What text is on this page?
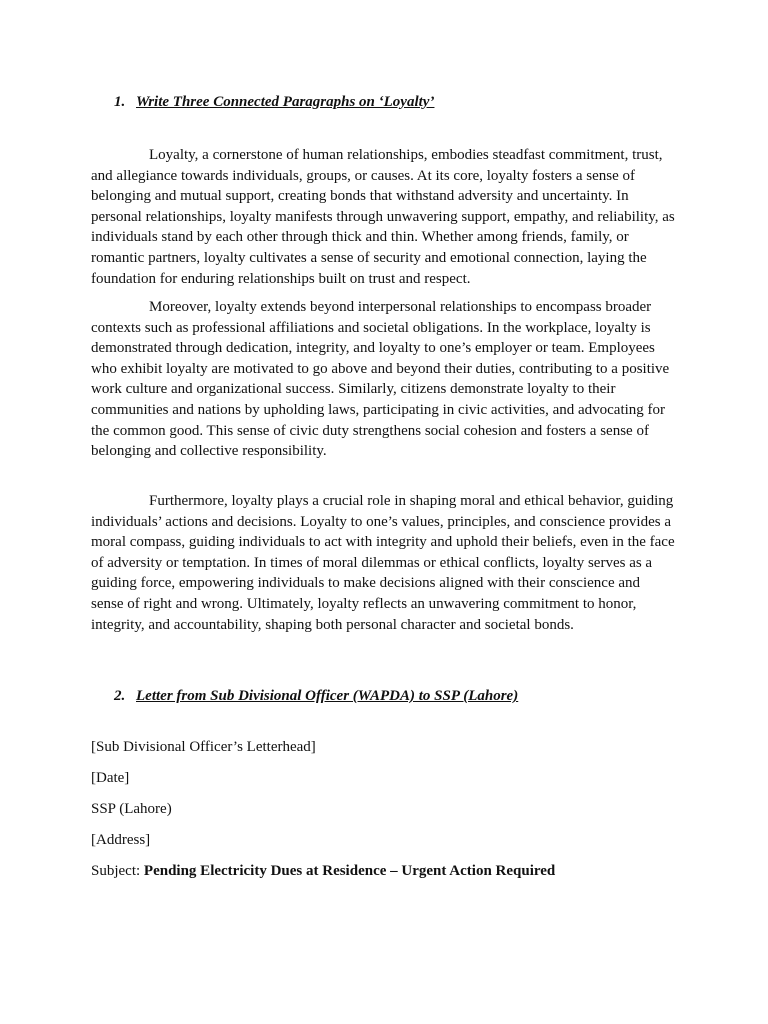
1. Write Three Connected Paragraphs on ‘Loyalty’

Loyalty, a cornerstone of human relationships, embodies steadfast commitment, trust, and allegiance towards individuals, groups, or causes. At its core, loyalty fosters a sense of belonging and mutual support, creating bonds that withstand adversity and uncertainty. In personal relationships, loyalty manifests through unwavering support, empathy, and reliability, as individuals stand by each other through thick and thin. Whether among friends, family, or romantic partners, loyalty cultivates a sense of security and emotional connection, laying the foundation for enduring relationships built on trust and respect.

Moreover, loyalty extends beyond interpersonal relationships to encompass broader contexts such as professional affiliations and societal obligations. In the workplace, loyalty is demonstrated through dedication, integrity, and loyalty to one’s employer or team. Employees who exhibit loyalty are motivated to go above and beyond their duties, contributing to a positive work culture and organizational success. Similarly, citizens demonstrate loyalty to their communities and nations by upholding laws, participating in civic activities, and advocating for the common good. This sense of civic duty strengthens social cohesion and fosters a sense of belonging and collective responsibility.

Furthermore, loyalty plays a crucial role in shaping moral and ethical behavior, guiding individuals’ actions and decisions. Loyalty to one’s values, principles, and conscience provides a moral compass, guiding individuals to act with integrity and uphold their beliefs, even in the face of adversity or temptation. In times of moral dilemmas or ethical conflicts, loyalty serves as a guiding force, empowering individuals to make decisions aligned with their conscience and sense of right and wrong. Ultimately, loyalty reflects an unwavering commitment to honor, integrity, and accountability, shaping both personal character and societal bonds.

2. Letter from Sub Divisional Officer (WAPDA) to SSP (Lahore)
[Sub Divisional Officer’s Letterhead]
[Date]
SSP (Lahore)
[Address]
Subject: Pending Electricity Dues at Residence – Urgent Action Required
